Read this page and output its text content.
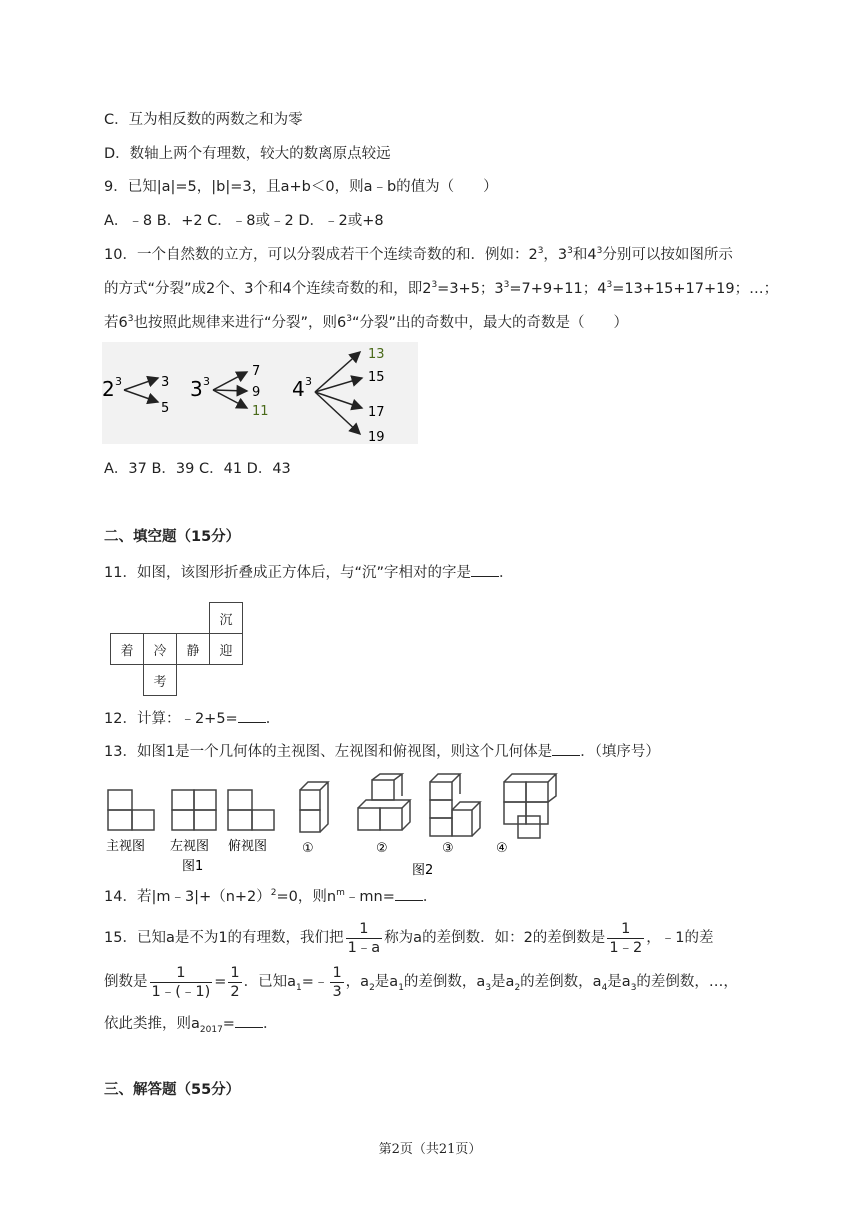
C．互为相反数的两数之和为零
D．数轴上两个有理数，较大的数离原点较远
9．已知|a|=5，|b|=3，且a+b＜0，则a﹣b的值为（　　）
A．﹣8 B．+2 C．﹣8或﹣2 D．﹣2或+8
10．一个自然数的立方，可以分裂成若干个连续奇数的和．例如：$2^3$，$3^3$和$4^3$分别可以按如图所示
的方式“分裂”成2个、3个和4个连续奇数的和，即$2^3=3+5$；$3^3=7+9+11$；$4^3=13+15+17+19$；…；
若$6^3$也按照此规律来进行“分裂”，则$6^3“$分裂”出的奇数中，最大的奇数是（　　）
2 3	3
5
3 3
7
9
11
4 3
13
15
17
19
A．37 B．39 C．41 D．43
二、填空题（15分）
11．如图，该图形折叠成正方体后，与“沉”字相对的字是 ．
			沉
着	冷	静	迎
	考		
12．计算：﹣2+5= ．
13．如图1是一个几何体的主视图、左视图和俯视图，则这个几何体是 ．（填序号）
主视图 左视图 俯视图
图1
①	②	③	④
图2
14．若$|m﹣3|+(n+2)^2=0$，则$n^m﹣mn=$ ．
15．已知a是不为1的有理数，我们把 $\frac{1}{1﹣a}$ 称为a的差倒数．如：2的差倒数是 $\frac{1}{1﹣2}$ ，﹣1的差
倒数是 $\frac{1}{1﹣(﹣1)} = \frac{1}{2}$ ．已知$a_1=﹣ \frac{1}{3}$ ，$a_2$是$a_1$的差倒数，$a_3$是$a_2$的差倒数，$a_4$是$a_3$的差倒数，…，
依此类推，则$a_{2017}=$ ．
三、解答题（55分）
第2页（共21页）
